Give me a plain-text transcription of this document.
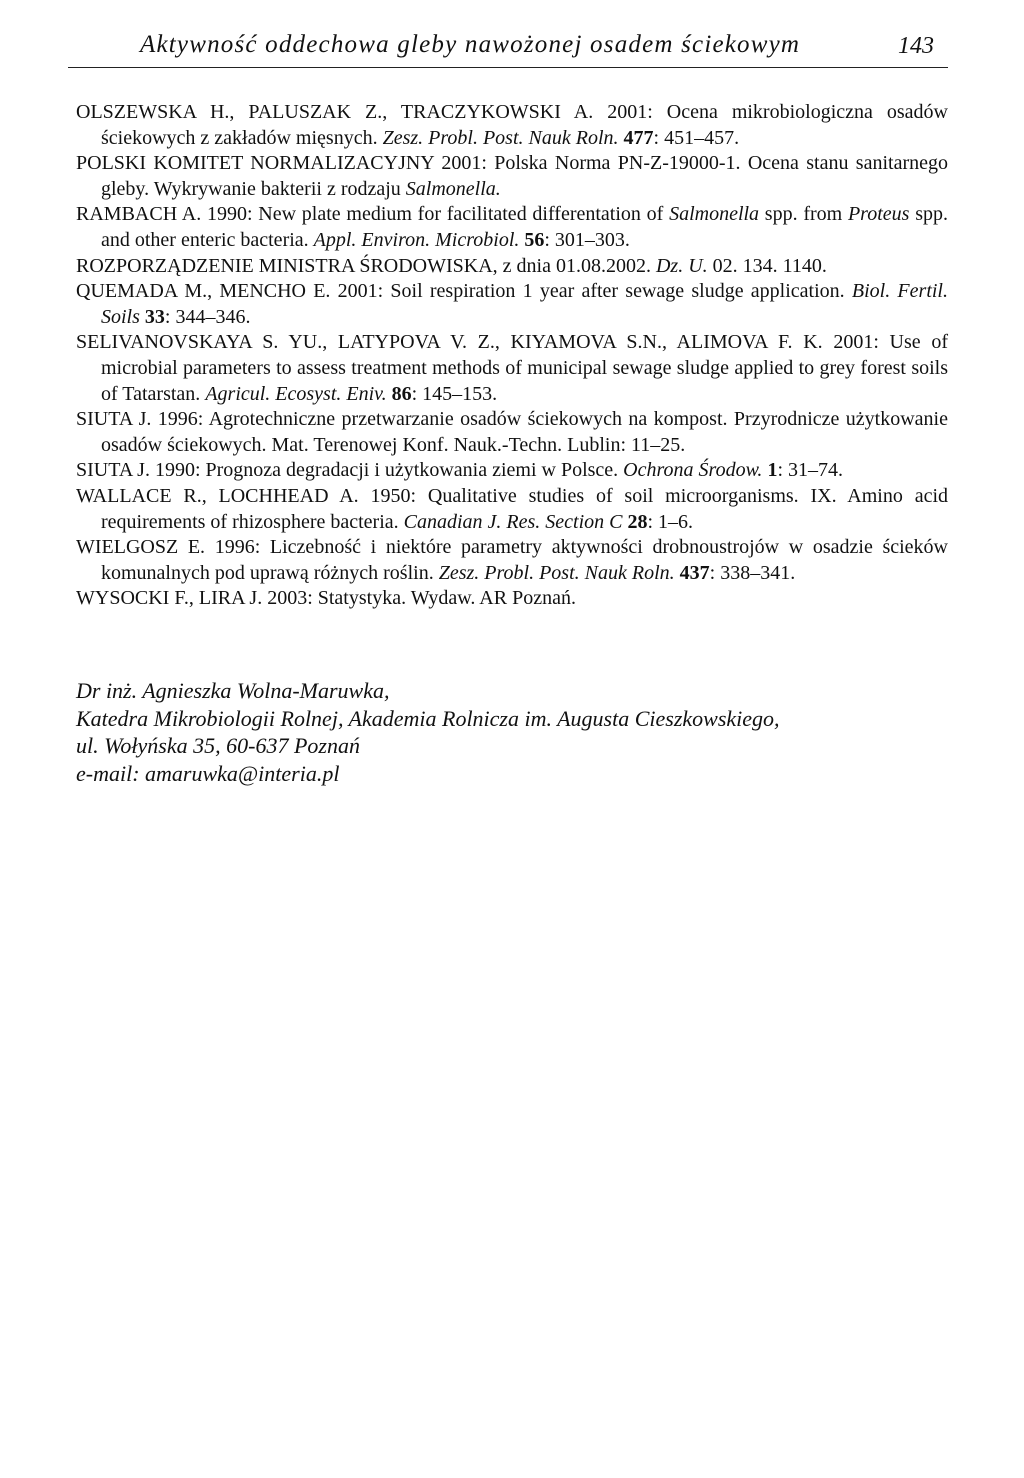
Aktywność oddechowa gleby nawożonej osadem ściekowym	143

OLSZEWSKA H., PALUSZAK Z., TRACZYKOWSKI A. 2001: Ocena mikrobiologiczna osadów ściekowych z zakładów mięsnych. Zesz. Probl. Post. Nauk Roln. 477: 451–457.

POLSKI KOMITET NORMALIZACYJNY 2001: Polska Norma PN-Z-19000-1. Ocena stanu sanitarnego gleby. Wykrywanie bakterii z rodzaju Salmonella.

RAMBACH A. 1990: New plate medium for facilitated differentation of Salmonella spp. from Proteus spp. and other enteric bacteria. Appl. Environ. Microbiol. 56: 301–303.

ROZPORZĄDZENIE MINISTRA ŚRODOWISKA, z dnia 01.08.2002. Dz. U. 02. 134. 1140.

QUEMADA M., MENCHO E. 2001: Soil respiration 1 year after sewage sludge application. Biol. Fertil. Soils 33: 344–346.

SELIVANOVSKAYA S. YU., LATYPOVA V. Z., KIYAMOVA S.N., ALIMOVA F. K. 2001: Use of microbial parameters to assess treatment methods of municipal sewage sludge applied to grey forest soils of Tatarstan. Agricul. Ecosyst. Eniv. 86: 145–153.

SIUTA J. 1996: Agrotechniczne przetwarzanie osadów ściekowych na kompost. Przyrodnicze użytkowanie osadów ściekowych. Mat. Terenowej Konf. Nauk.-Techn. Lublin: 11–25.

SIUTA J. 1990: Prognoza degradacji i użytkowania ziemi w Polsce. Ochrona Środow. 1: 31–74.

WALLACE R., LOCHHEAD A. 1950: Qualitative studies of soil microorganisms. IX. Amino acid requirements of rhizosphere bacteria. Canadian J. Res. Section C 28: 1–6.

WIELGOSZ E. 1996: Liczebność i niektóre parametry aktywności drobnoustrojów w osadzie ścieków komunalnych pod uprawą różnych roślin. Zesz. Probl. Post. Nauk Roln. 437: 338–341.

WYSOCKI F., LIRA J. 2003: Statystyka. Wydaw. AR Poznań.

Dr inż. Agnieszka Wolna-Maruwka,
Katedra Mikrobiologii Rolnej, Akademia Rolnicza im. Augusta Cieszkowskiego,
ul. Wołyńska 35, 60-637 Poznań
e-mail: amaruwka@interia.pl
